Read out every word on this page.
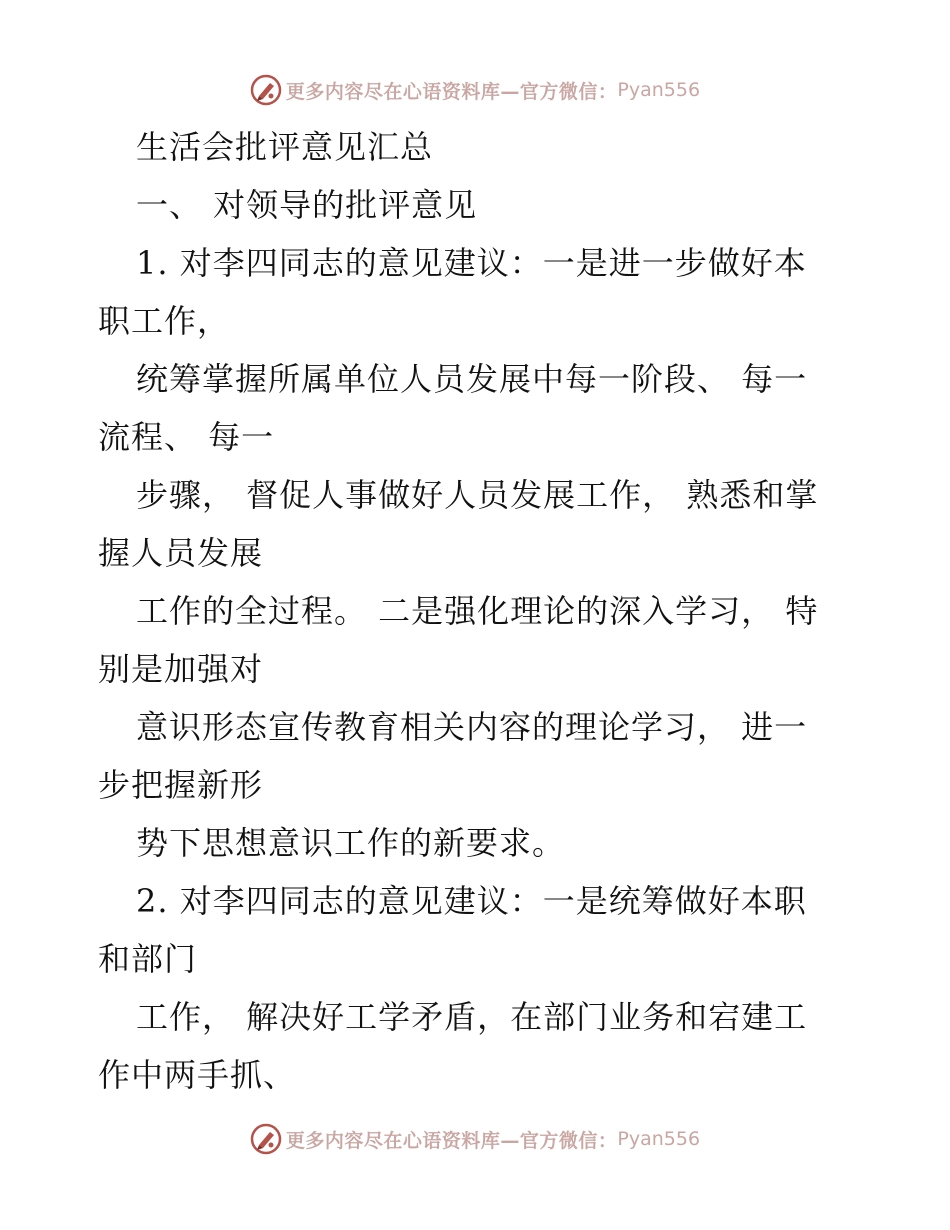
更多内容尽在心语资料库—官方微信： Pyan556
生活会批评意见汇总
一、 对领导的批评意见
1. 对李四同志的意见建议：一是进一步做好本
职工作，
统筹掌握所属单位人员发展中每一阶段、 每一
流程、 每一
步骤， 督促人事做好人员发展工作， 熟悉和掌
握人员发展
工作的全过程。 二是强化理论的深入学习， 特
别是加强对
意识形态宣传教育相关内容的理论学习， 进一
步把握新形
势下思想意识工作的新要求。
2. 对李四同志的意见建议：一是统筹做好本职
和部门
工作， 解决好工学矛盾，在部门业务和宕建工
作中两手抓、
更多内容尽在心语资料库—官方微信： Pyan556
